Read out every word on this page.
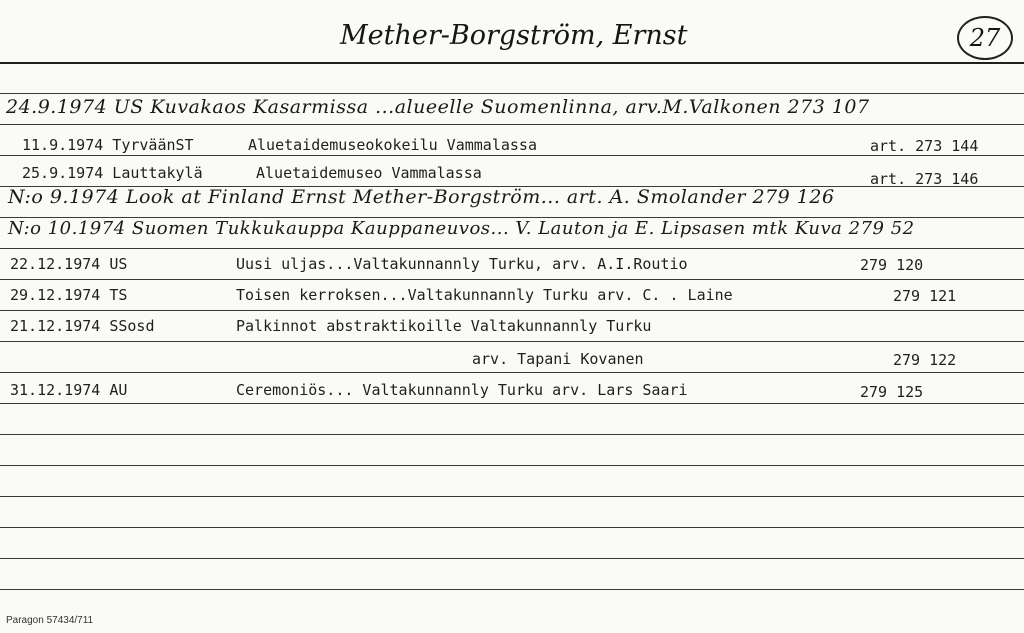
Mether-Borgström, Ernst	27
24.9.1974 US Kuvakaos Kasarmissa ...alueelle Suomenlinna, arv.M.Valkonen 273 107
11.9.1974 TyrväänST	Aluetaidemuseokokeilu Vammalassa	art. 273 144
25.9.1974 Lauttakylä	Aluetaidemuseo Vammalassa	art. 273 146
N:o 9.1974 Look at Finland Ernst Mether-Borgström... art. A. Smolander 279 126
N:o 10.1974 Suomen Tukkukauppa Kauppaneuvos... V. Lauton ja E. Lipsasen mtk Kuva 279 52
22.12.1974 US	Uusi uljas...Valtakunnannly Turku, arv. A.I.Routio	279 120
29.12.1974 TS	Toisen kerroksen...Valtakunnannly Turku arv. C. . Laine	279 121
21.12.1974 SSosd	Palkinnot abstraktikoille Valtakunnannly Turku
arv. Tapani Kovanen	279 122
31.12.1974 AU	Ceremoniös... Valtakunnannly Turku arv. Lars Saari	279 125
Paragon 57434/711
